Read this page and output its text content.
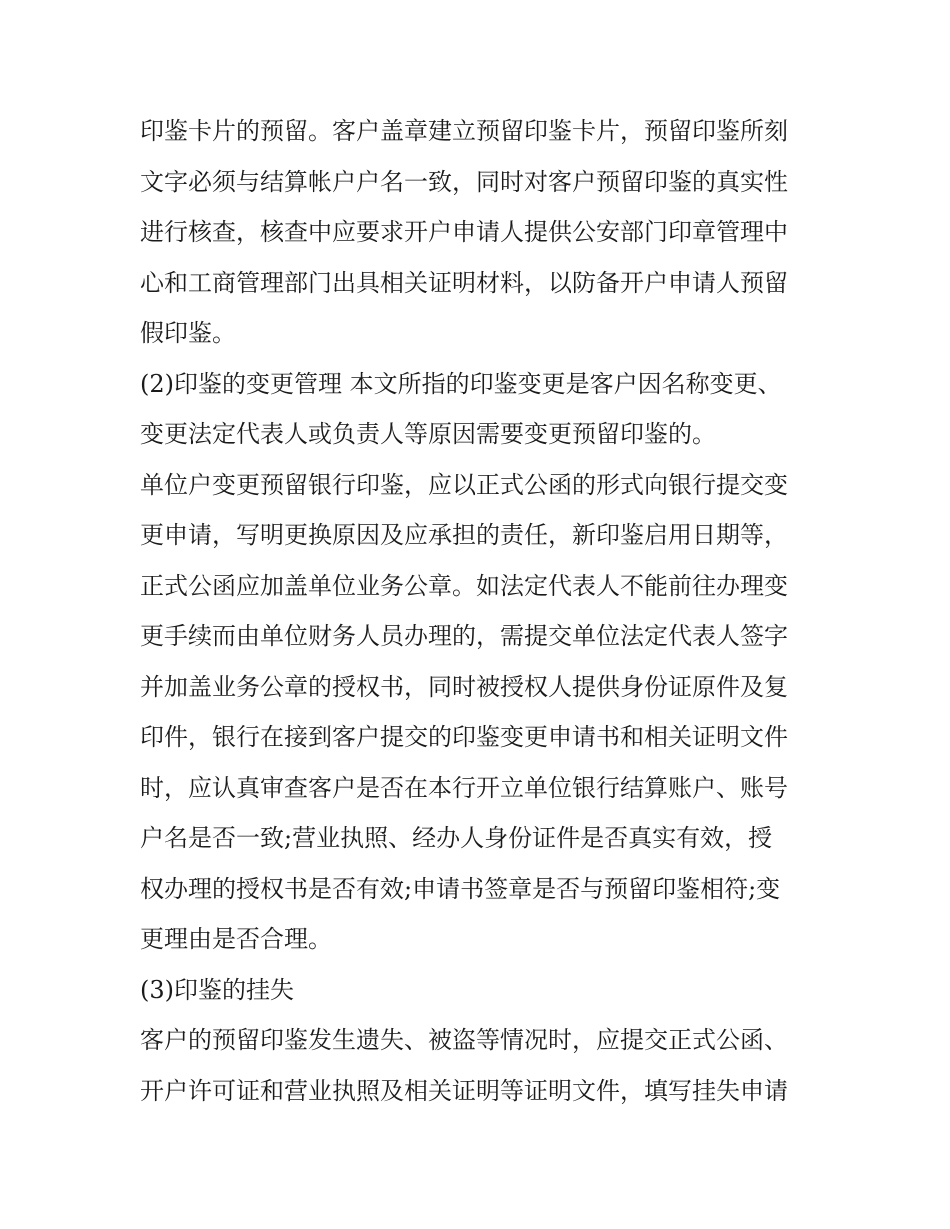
印鉴卡片的预留。客户盖章建立预留印鉴卡片，预留印鉴所刻

文字必须与结算帐户户名一致，同时对客户预留印鉴的真实性

进行核查，核查中应要求开户申请人提供公安部门印章管理中

心和工商管理部门出具相关证明材料，以防备开户申请人预留

假印鉴。

(2)印鉴的变更管理 本文所指的印鉴变更是客户因名称变更、

变更法定代表人或负责人等原因需要变更预留印鉴的。

单位户变更预留银行印鉴，应以正式公函的形式向银行提交变

更申请，写明更换原因及应承担的责任，新印鉴启用日期等，

正式公函应加盖单位业务公章。如法定代表人不能前往办理变

更手续而由单位财务人员办理的，需提交单位法定代表人签字

并加盖业务公章的授权书，同时被授权人提供身份证原件及复

印件，银行在接到客户提交的印鉴变更申请书和相关证明文件

时，应认真审查客户是否在本行开立单位银行结算账户、账号

户名是否一致;营业执照、经办人身份证件是否真实有效，授

权办理的授权书是否有效;申请书签章是否与预留印鉴相符;变

更理由是否合理。

(3)印鉴的挂失

客户的预留印鉴发生遗失、被盗等情况时，应提交正式公函、

开户许可证和营业执照及相关证明等证明文件，填写挂失申请
